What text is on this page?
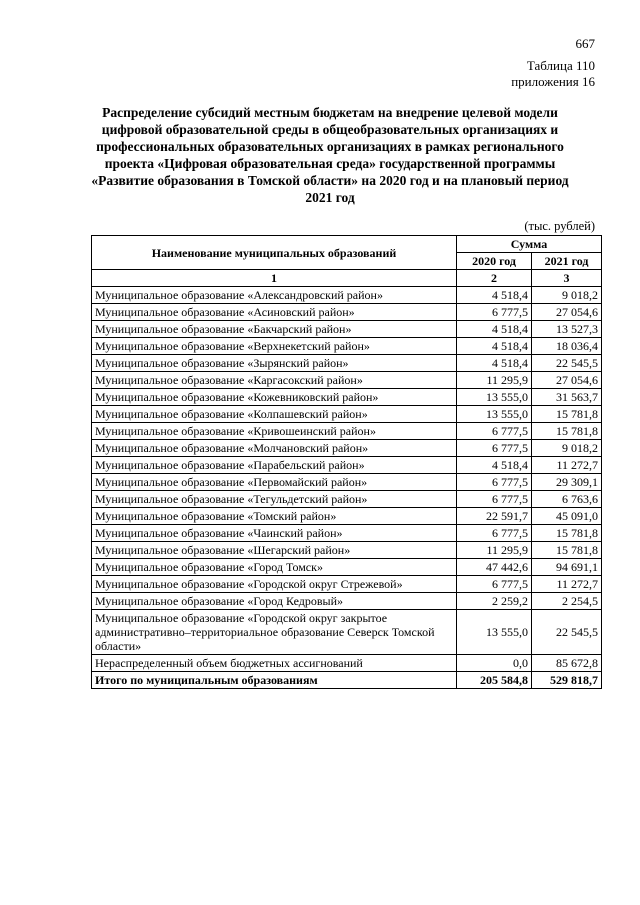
667
Таблица 110
приложения 16
Распределение субсидий местным бюджетам на внедрение целевой модели цифровой образовательной среды в общеобразовательных организациях и профессиональных образовательных организациях в рамках регионального проекта «Цифровая образовательная среда» государственной программы «Развитие образования в Томской области» на 2020 год и на плановый период 2021 год
(тыс. рублей)
Наименование муниципальных образований	Сумма	
	2020 год	2021 год
1	2	3
Муниципальное образование «Александровский район»	4 518,4	9 018,2
Муниципальное образование «Асиновский район»	6 777,5	27 054,6
Муниципальное образование «Бакчарский район»	4 518,4	13 527,3
Муниципальное образование «Верхнекетский район»	4 518,4	18 036,4
Муниципальное образование «Зырянский район»	4 518,4	22 545,5
Муниципальное образование «Каргасокский район»	11 295,9	27 054,6
Муниципальное образование «Кожевниковский район»	13 555,0	31 563,7
Муниципальное образование «Колпашевский район»	13 555,0	15 781,8
Муниципальное образование «Кривошеинский район»	6 777,5	15 781,8
Муниципальное образование «Молчановский район»	6 777,5	9 018,2
Муниципальное образование «Парабельский район»	4 518,4	11 272,7
Муниципальное образование «Первомайский район»	6 777,5	29 309,1
Муниципальное образование «Тегульдетский район»	6 777,5	6 763,6
Муниципальное образование «Томский район»	22 591,7	45 091,0
Муниципальное образование «Чаинский район»	6 777,5	15 781,8
Муниципальное образование «Шегарский район»	11 295,9	15 781,8
Муниципальное образование «Город Томск»	47 442,6	94 691,1
Муниципальное образование «Городской округ Стрежевой»	6 777,5	11 272,7
Муниципальное образование «Город Кедровый»	2 259,2	2 254,5
Муниципальное образование «Городской округ закрытое административно–территориальное образование Северск Томской области»	13 555,0	22 545,5
Нераспределенный объем бюджетных ассигнований	0,0	85 672,8
Итого по муниципальным образованиям	205 584,8	529 818,7
